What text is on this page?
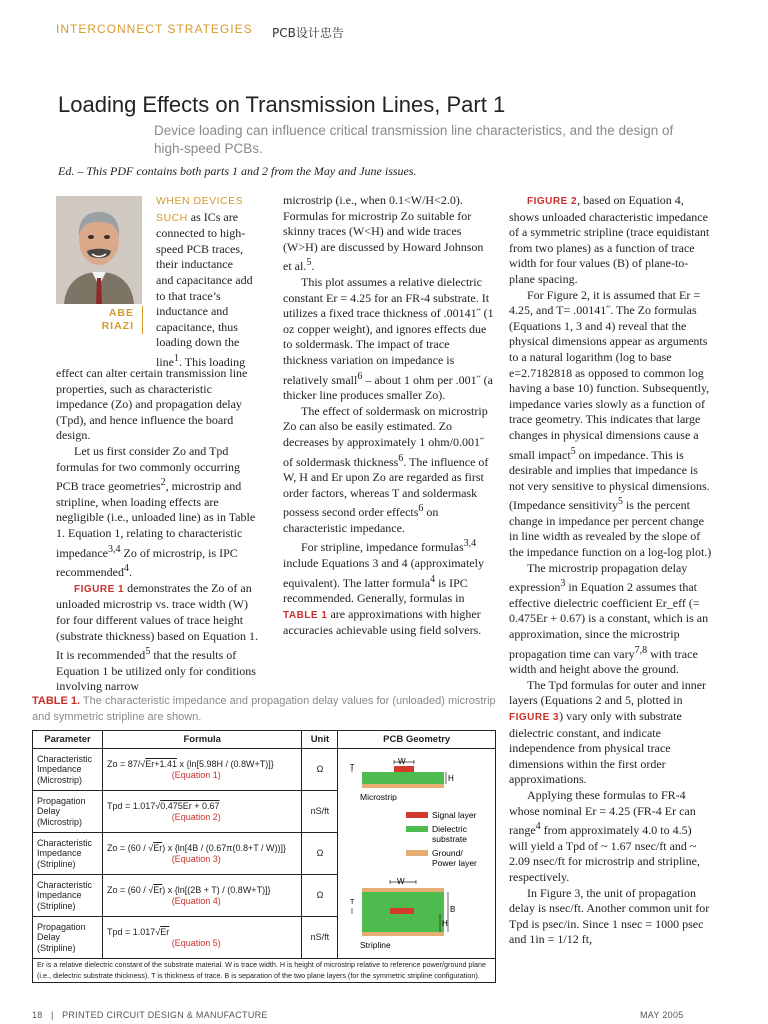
INTERCONNECT STRATEGIES PCB设计忠告
Loading Effects on Transmission Lines, Part 1
Device loading can influence critical transmission line characteristics, and the design of high-speed PCBs.
Ed. – This PDF contains both parts 1 and 2 from the May and June issues.
ABE
RIAZI
WHEN DEVICES SUCH as ICs are
connected to high-
speed PCB traces,
their inductance
and capacitance add
to that trace’s
inductance and
capacitance, thus
loading down the
line$^1$. This loading

effect can alter certain transmission line properties, such as characteristic impedance (Zo) and propagation delay (Tpd), and hence influence the board design.

Let us first consider Zo and Tpd formulas for two commonly occurring PCB trace geometries$^2$, microstrip and stripline, when loading effects are negligible (i.e., unloaded line) as in Table 1. Equation 1, relating to characteristic impedance$^{3,4}$ Zo of microstrip, is IPC recommended$^4$.

FIGURE 1 demonstrates the Zo of an unloaded microstrip vs. trace width (W) for four different values of trace height (substrate thickness) based on Equation 1. It is recommended$^5$ that the results of Equation 1 be utilized only for conditions involving narrow

microstrip (i.e., when 0.1<W/H<2.0). Formulas for microstrip Zo suitable for skinny traces (W<H) and wide traces (W>H) are discussed by Howard Johnson et al.$^5$.

This plot assumes a relative dielectric constant Er = 4.25 for an FR-4 substrate. It utilizes a fixed trace thickness of .00141˝ (1 oz copper weight), and ignores effects due to soldermask. The impact of trace thickness variation on impedance is relatively small$^6$ – about 1 ohm per .001˝ (a thicker line produces smaller Zo).

The effect of soldermask on microstrip Zo can also be easily estimated. Zo decreases by approximately 1 ohm/0.001˝ of soldermask thickness$^6$. The influence of W, H and Er upon Zo are regarded as first order factors, whereas T and soldermask possess second order effects$^6$ on characteristic impedance.

For stripline, impedance formulas$^{3,4}$ include Equations 3 and 4 (approximately equivalent). The latter formula$^4$ is IPC recommended. Generally, formulas in TABLE 1 are approximations with higher accuracies achievable using field solvers.

FIGURE 2, based on Equation 4, shows unloaded characteristic impedance of a symmetric stripline (trace equidistant from two planes) as a function of trace width for four values (B) of plane-to-plane spacing.

For Figure 2, it is assumed that Er = 4.25, and T= .00141˝. The Zo formulas (Equations 1, 3 and 4) reveal that the physical dimensions appear as arguments to a natural logarithm (log to base e=2.7182818 as opposed to common log having a base 10) function. Subsequently, impedance varies slowly as a function of trace geometry. This indicates that large changes in physical dimensions cause a small impact$^5$ on impedance. This is desirable and implies that impedance is not very sensitive to physical dimensions. (Impedance sensitivity$^5$ is the percent change in impedance per percent change in line width as revealed by the slope of the impedance function on a log-log plot.)

The microstrip propagation delay expression$^3$ in Equation 2 assumes that effective dielectric coefficient Er_eff (= 0.475Er + 0.67) is a constant, which is an approximation, since the microstrip propagation time can vary$^{7,8}$ with trace width and height above the ground.

The Tpd formulas for outer and inner layers (Equations 2 and 5, plotted in FIGURE 3) vary only with substrate dielectric constant, and indicate independence from physical trace dimensions within the first order approximations.

Applying these formulas to FR-4 whose nominal Er = 4.25 (FR-4 Er can range$^4$ from approximately 4.0 to 4.5) will yield a Tpd of ~ 1.67 nsec/ft and ~ 2.09 nsec/ft for microstrip and stripline, respectively.

In Figure 3, the unit of propagation delay is nsec/ft. Another common unit for Tpd is psec/in. Since 1 nsec = 1000 psec and 1in = 1/12 ft,

TABLE 1. The characteristic impedance and propagation delay values for (unloaded) microstrip and symmetric stripline are shown.
Parameter	Formula	Unit	PCB Geometry
Characteristic
Impedance
(Microstrip)	Zo = 87/√Er+1.41 x {ln[5.98H / (0.8W+T)]}
(Equation 1)	Ω	
Propagation
Delay
(Microstrip)	Tpd = 1.017√0.475Er + 0.67
(Equation 2)	nS/ft	
Characteristic
Impedance
(Stripline)	Zo = (60 / √Er) x {ln[4B / (0.67π(0.8+T / W))]}
(Equation 3)	Ω	
Characteristic
Impedance
(Stripline)	Zo = (60 / √Er) x {ln[(2B + T) / (0.8W+T)]}
(Equation 4)	Ω	
Propagation
Delay
(Stripline)	Tpd = 1.017√Er
(Equation 5)	nS/ft	
Er is a relative dielectric constant of the substrate material. W is trace width. H is height of microstrip relative to reference power/ground plane (i.e., dielectric substrate thickness). T is thickness of trace. B is separation of the two plane layers (for the symmetric stripline configuration).			
W
T
H
Microstrip
Signal layer
Dielectric substrate
Ground/ Power layer
W
T
B
H
Stripline
18 | PRINTED CIRCUIT DESIGN & MANUFACTURE	MAY 2005
